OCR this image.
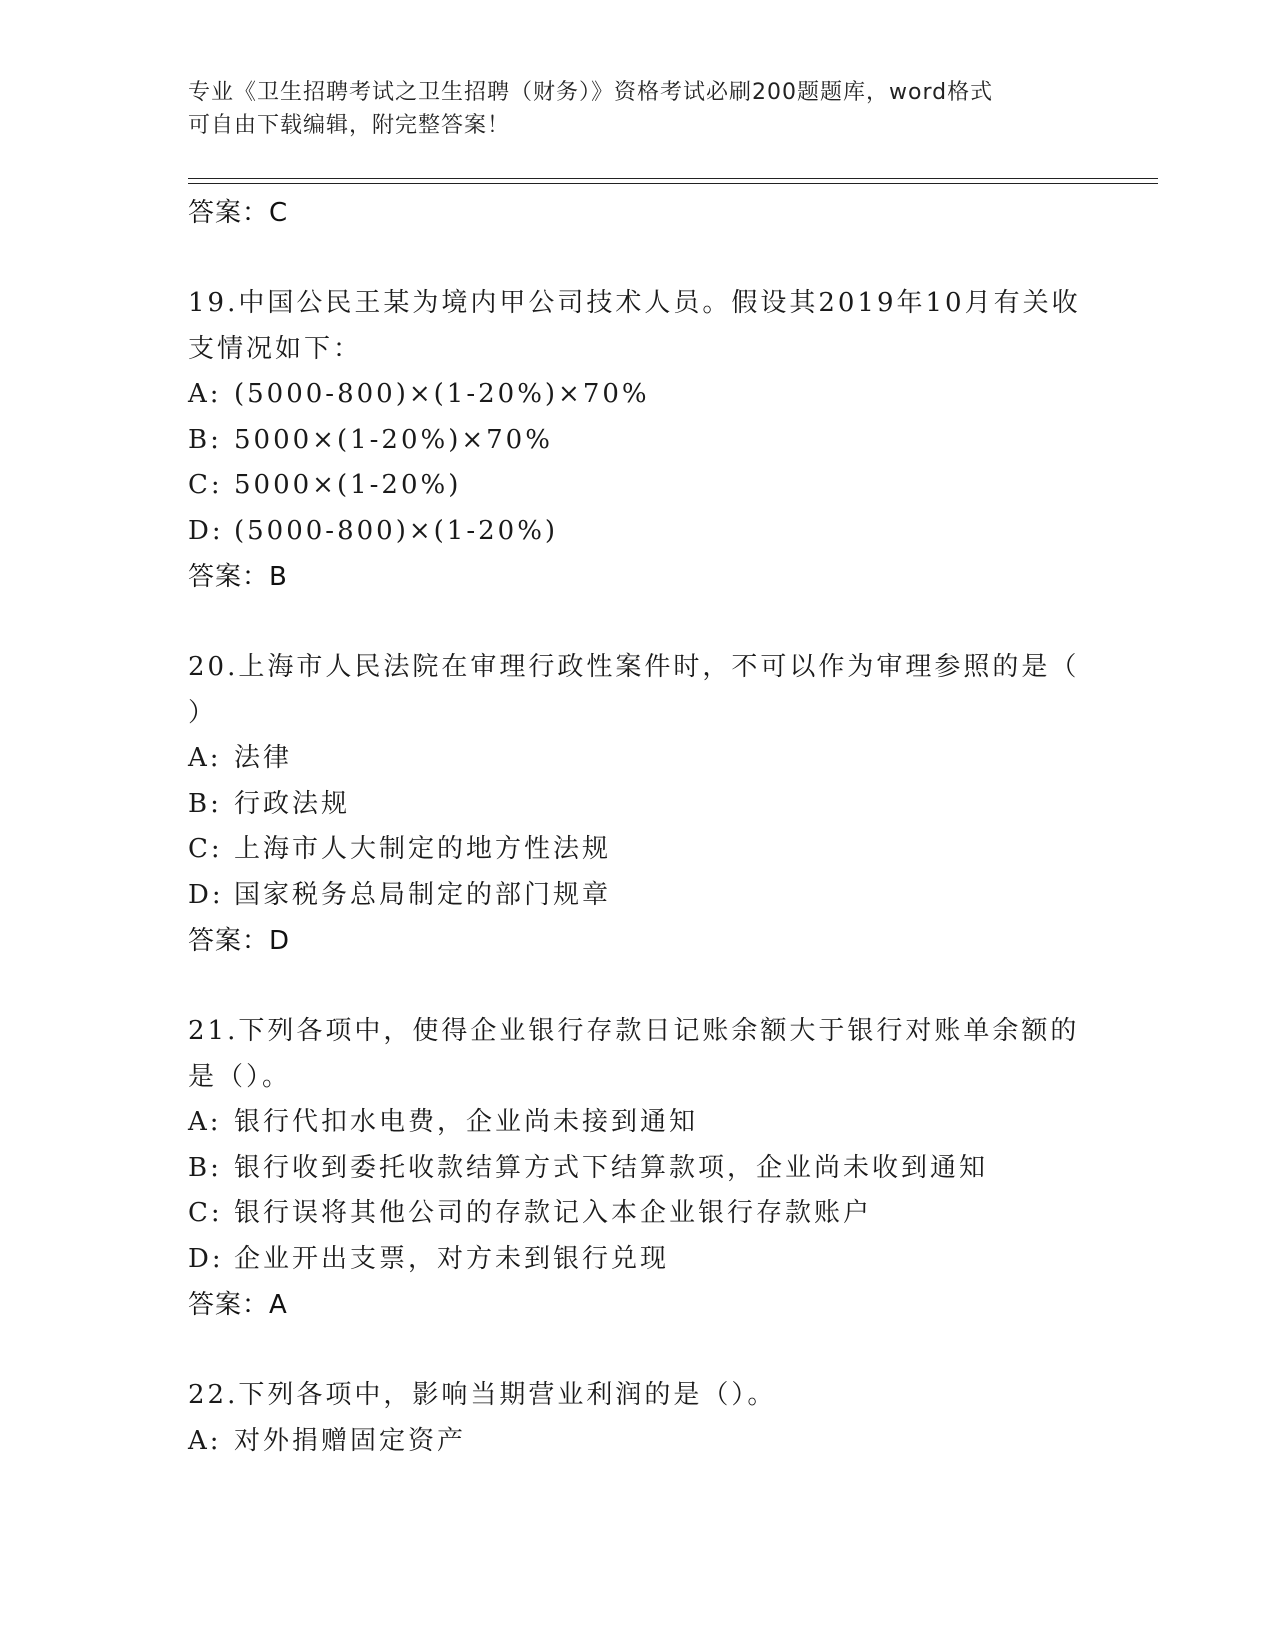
专业《卫生招聘考试之卫生招聘（财务）》资格考试必刷200题题库，word格式
可自由下载编辑，附完整答案！
答案：C
19.中国公民王某为境内甲公司技术人员。假设其2019年10月有关收
支情况如下：
A: (5000-800)×(1-20%)×70%
B: 5000×(1-20%)×70%
C: 5000×(1-20%)
D: (5000-800)×(1-20%)
答案：B
20.上海市人民法院在审理行政性案件时，不可以作为审理参照的是（
）
A: 法律
B: 行政法规
C: 上海市人大制定的地方性法规
D: 国家税务总局制定的部门规章
答案：D
21.下列各项中，使得企业银行存款日记账余额大于银行对账单余额的
是（）。
A: 银行代扣水电费，企业尚未接到通知
B: 银行收到委托收款结算方式下结算款项，企业尚未收到通知
C: 银行误将其他公司的存款记入本企业银行存款账户
D: 企业开出支票，对方未到银行兑现
答案：A
22.下列各项中，影响当期营业利润的是（）。
A: 对外捐赠固定资产
